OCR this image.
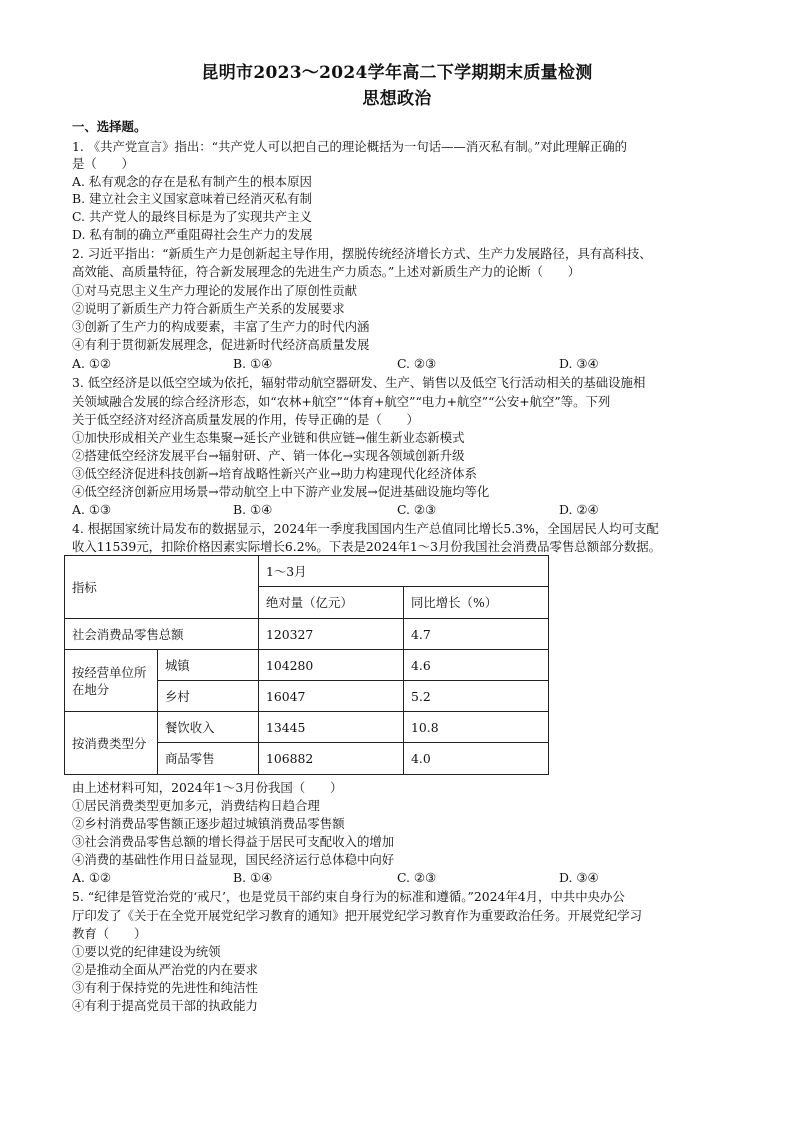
昆明市2023～2024学年高二下学期期末质量检测
思想政治
一、选择题。
1. 《共产党宣言》指出：“共产党人可以把自己的理论概括为一句话——消灭私有制。”对此理解正确的
是（　　）
A. 私有观念的存在是私有制产生的根本原因
B. 建立社会主义国家意味着已经消灭私有制
C. 共产党人的最终目标是为了实现共产主义
D. 私有制的确立严重阻碍社会生产力的发展
2. 习近平指出：“新质生产力是创新起主导作用，摆脱传统经济增长方式、生产力发展路径，具有高科技、
高效能、高质量特征，符合新发展理念的先进生产力质态。”上述对新质生产力的论断（　　）
①对马克思主义生产力理论的发展作出了原创性贡献
②说明了新质生产力符合新质生产关系的发展要求
③创新了生产力的构成要素，丰富了生产力的时代内涵
④有利于贯彻新发展理念，促进新时代经济高质量发展
A. ①②	B. ①④	C. ②③	D. ③④
3. 低空经济是以低空空域为依托，辐射带动航空器研发、生产、销售以及低空飞行活动相关的基础设施相
关领域融合发展的综合经济形态，如“农林+航空”“体育+航空”“电力+航空”“公安+航空”等。下列
关于低空经济对经济高质量发展的作用，传导正确的是（　　）
①加快形成相关产业生态集聚→延长产业链和供应链→催生新业态新模式
②搭建低空经济发展平台→辐射研、产、销一体化→实现各领域创新升级
③低空经济促进科技创新→培育战略性新兴产业→助力构建现代化经济体系
④低空经济创新应用场景→带动航空上中下游产业发展→促进基础设施均等化
A. ①③	B. ①④	C. ②③	D. ②④
4. 根据国家统计局发布的数据显示，2024年一季度我国国内生产总值同比增长5.3%，全国居民人均可支配
收入11539元，扣除价格因素实际增长6.2%。下表是2024年1～3月份我国社会消费品零售总额部分数据。
指标		1～3月	
		绝对量（亿元）	同比增长（%）
社会消费品零售总额		120327	4.7
按经营单位所在地分	城镇	104280	4.6
	乡村	16047	5.2
按消费类型分	餐饮收入	13445	10.8
	商品零售	106882	4.0
由上述材料可知，2024年1～3月份我国（　　）
①居民消费类型更加多元，消费结构日趋合理
②乡村消费品零售额正逐步超过城镇消费品零售额
③社会消费品零售总额的增长得益于居民可支配收入的增加
④消费的基础性作用日益显现，国民经济运行总体稳中向好
A. ①②	B. ①④	C. ②③	D. ③④
5. “纪律是管党治党的‘戒尺’，也是党员干部约束自身行为的标准和遵循。”2024年4月，中共中央办公
厅印发了《关于在全党开展党纪学习教育的通知》把开展党纪学习教育作为重要政治任务。开展党纪学习
教育（　　）
①要以党的纪律建设为统领
②是推动全面从严治党的内在要求
③有利于保持党的先进性和纯洁性
④有利于提高党员干部的执政能力
